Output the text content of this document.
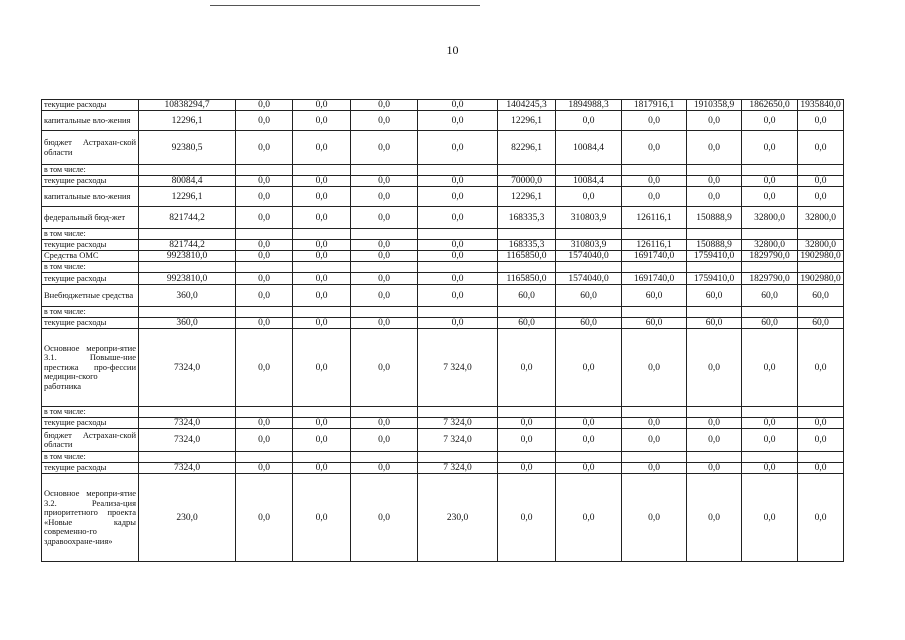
10
текущие расходы	10838294,7	0,0	0,0	0,0	0,0	1404245,3	1894988,3	1817916,1	1910358,9	1862650,0	1935840,0
капитальные вло-жения	12296,1	0,0	0,0	0,0	0,0	12296,1	0,0	0,0	0,0	0,0	0,0
бюджет Астрахан-ской области	92380,5	0,0	0,0	0,0	0,0	82296,1	10084,4	0,0	0,0	0,0	0,0
в том числе:											
текущие расходы	80084,4	0,0	0,0	0,0	0,0	70000,0	10084,4	0,0	0,0	0,0	0,0
капитальные вло-жения	12296,1	0,0	0,0	0,0	0,0	12296,1	0,0	0,0	0,0	0,0	0,0
федеральный бюд-жет	821744,2	0,0	0,0	0,0	0,0	168335,3	310803,9	126116,1	150888,9	32800,0	32800,0
в том числе:											
текущие расходы	821744,2	0,0	0,0	0,0	0,0	168335,3	310803,9	126116,1	150888,9	32800,0	32800,0
Средства ОМС	9923810,0	0,0	0,0	0,0	0,0	1165850,0	1574040,0	1691740,0	1759410,0	1829790,0	1902980,0
в том числе:											
текущие расходы	9923810,0	0,0	0,0	0,0	0,0	1165850,0	1574040,0	1691740,0	1759410,0	1829790,0	1902980,0
Внебюджетные средства	360,0	0,0	0,0	0,0	0,0	60,0	60,0	60,0	60,0	60,0	60,0
в том числе:											
текущие расходы	360,0	0,0	0,0	0,0	0,0	60,0	60,0	60,0	60,0	60,0	60,0
Основное меропри-ятие 3.1. Повыше-ние престижа про-фессии медицин-ского работника	7324,0	0,0	0,0	0,0	7 324,0	0,0	0,0	0,0	0,0	0,0	0,0
в том числе:											
текущие расходы	7324,0	0,0	0,0	0,0	7 324,0	0,0	0,0	0,0	0,0	0,0	0,0
бюджет Астрахан-ской области	7324,0	0,0	0,0	0,0	7 324,0	0,0	0,0	0,0	0,0	0,0	0,0
в том числе:											
текущие расходы	7324,0	0,0	0,0	0,0	7 324,0	0,0	0,0	0,0	0,0	0,0	0,0
Основное меропри-ятие 3.2. Реализа-ция приоритетного проекта «Новые кадры современно-го здравоохране-ния»	230,0	0,0	0,0	0,0	230,0	0,0	0,0	0,0	0,0	0,0	0,0
